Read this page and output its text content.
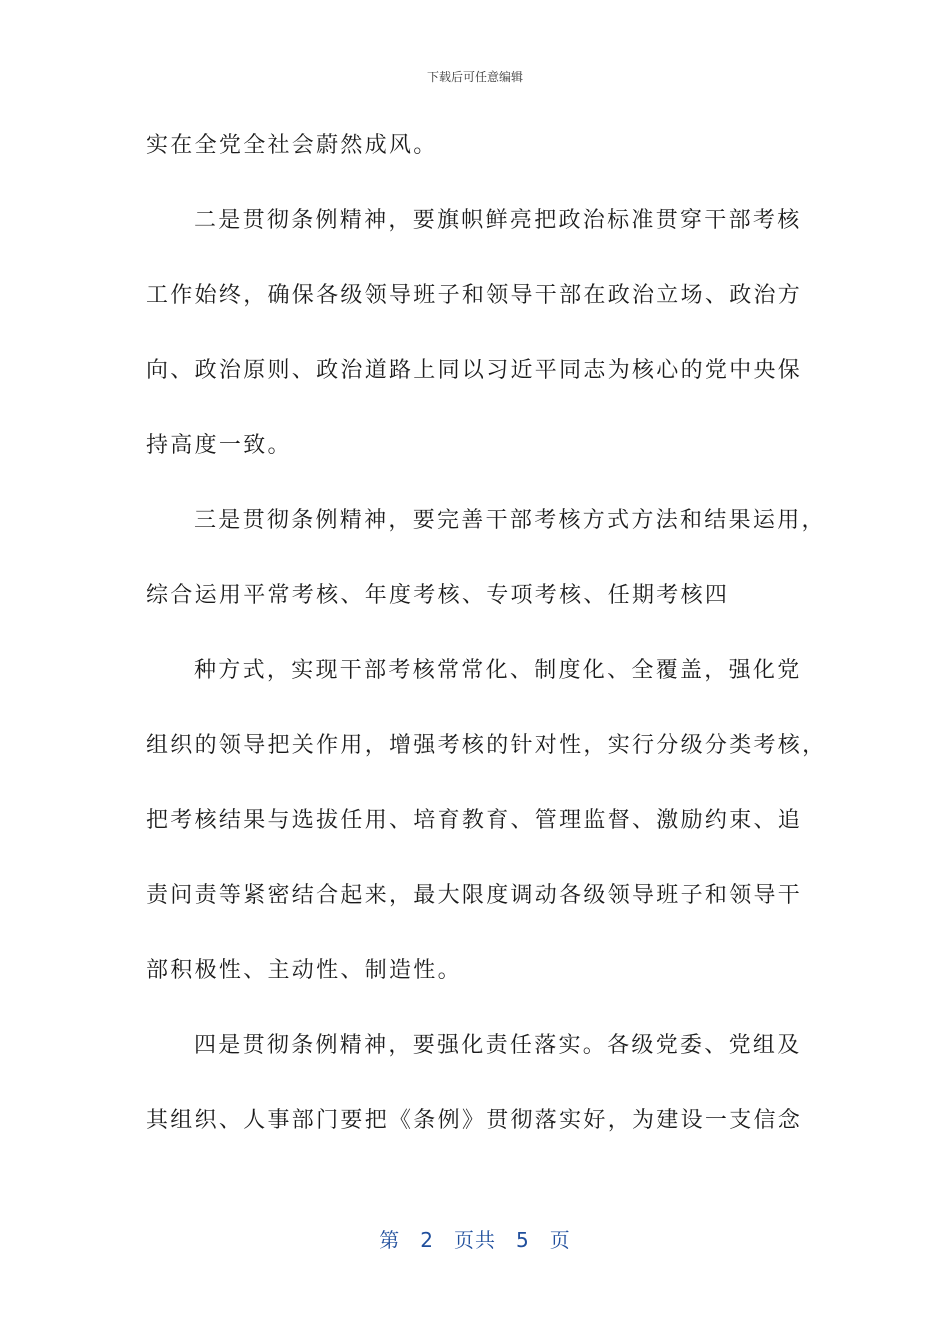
下载后可任意编辑
实在全党全社会蔚然成风。
二是贯彻条例精神，要旗帜鲜亮把政治标准贯穿干部考核
工作始终，确保各级领导班子和领导干部在政治立场、政治方
向、政治原则、政治道路上同以习近平同志为核心的党中央保
持高度一致。
三是贯彻条例精神，要完善干部考核方式方法和结果运用，
综合运用平常考核、年度考核、专项考核、任期考核四
种方式，实现干部考核常常化、制度化、全覆盖，强化党
组织的领导把关作用，增强考核的针对性，实行分级分类考核，
把考核结果与选拔任用、培育教育、管理监督、激励约束、追
责问责等紧密结合起来，最大限度调动各级领导班子和领导干
部积极性、主动性、制造性。
四是贯彻条例精神，要强化责任落实。各级党委、党组及
其组织、人事部门要把《条例》贯彻落实好，为建设一支信念
第 2 页共 5 页
